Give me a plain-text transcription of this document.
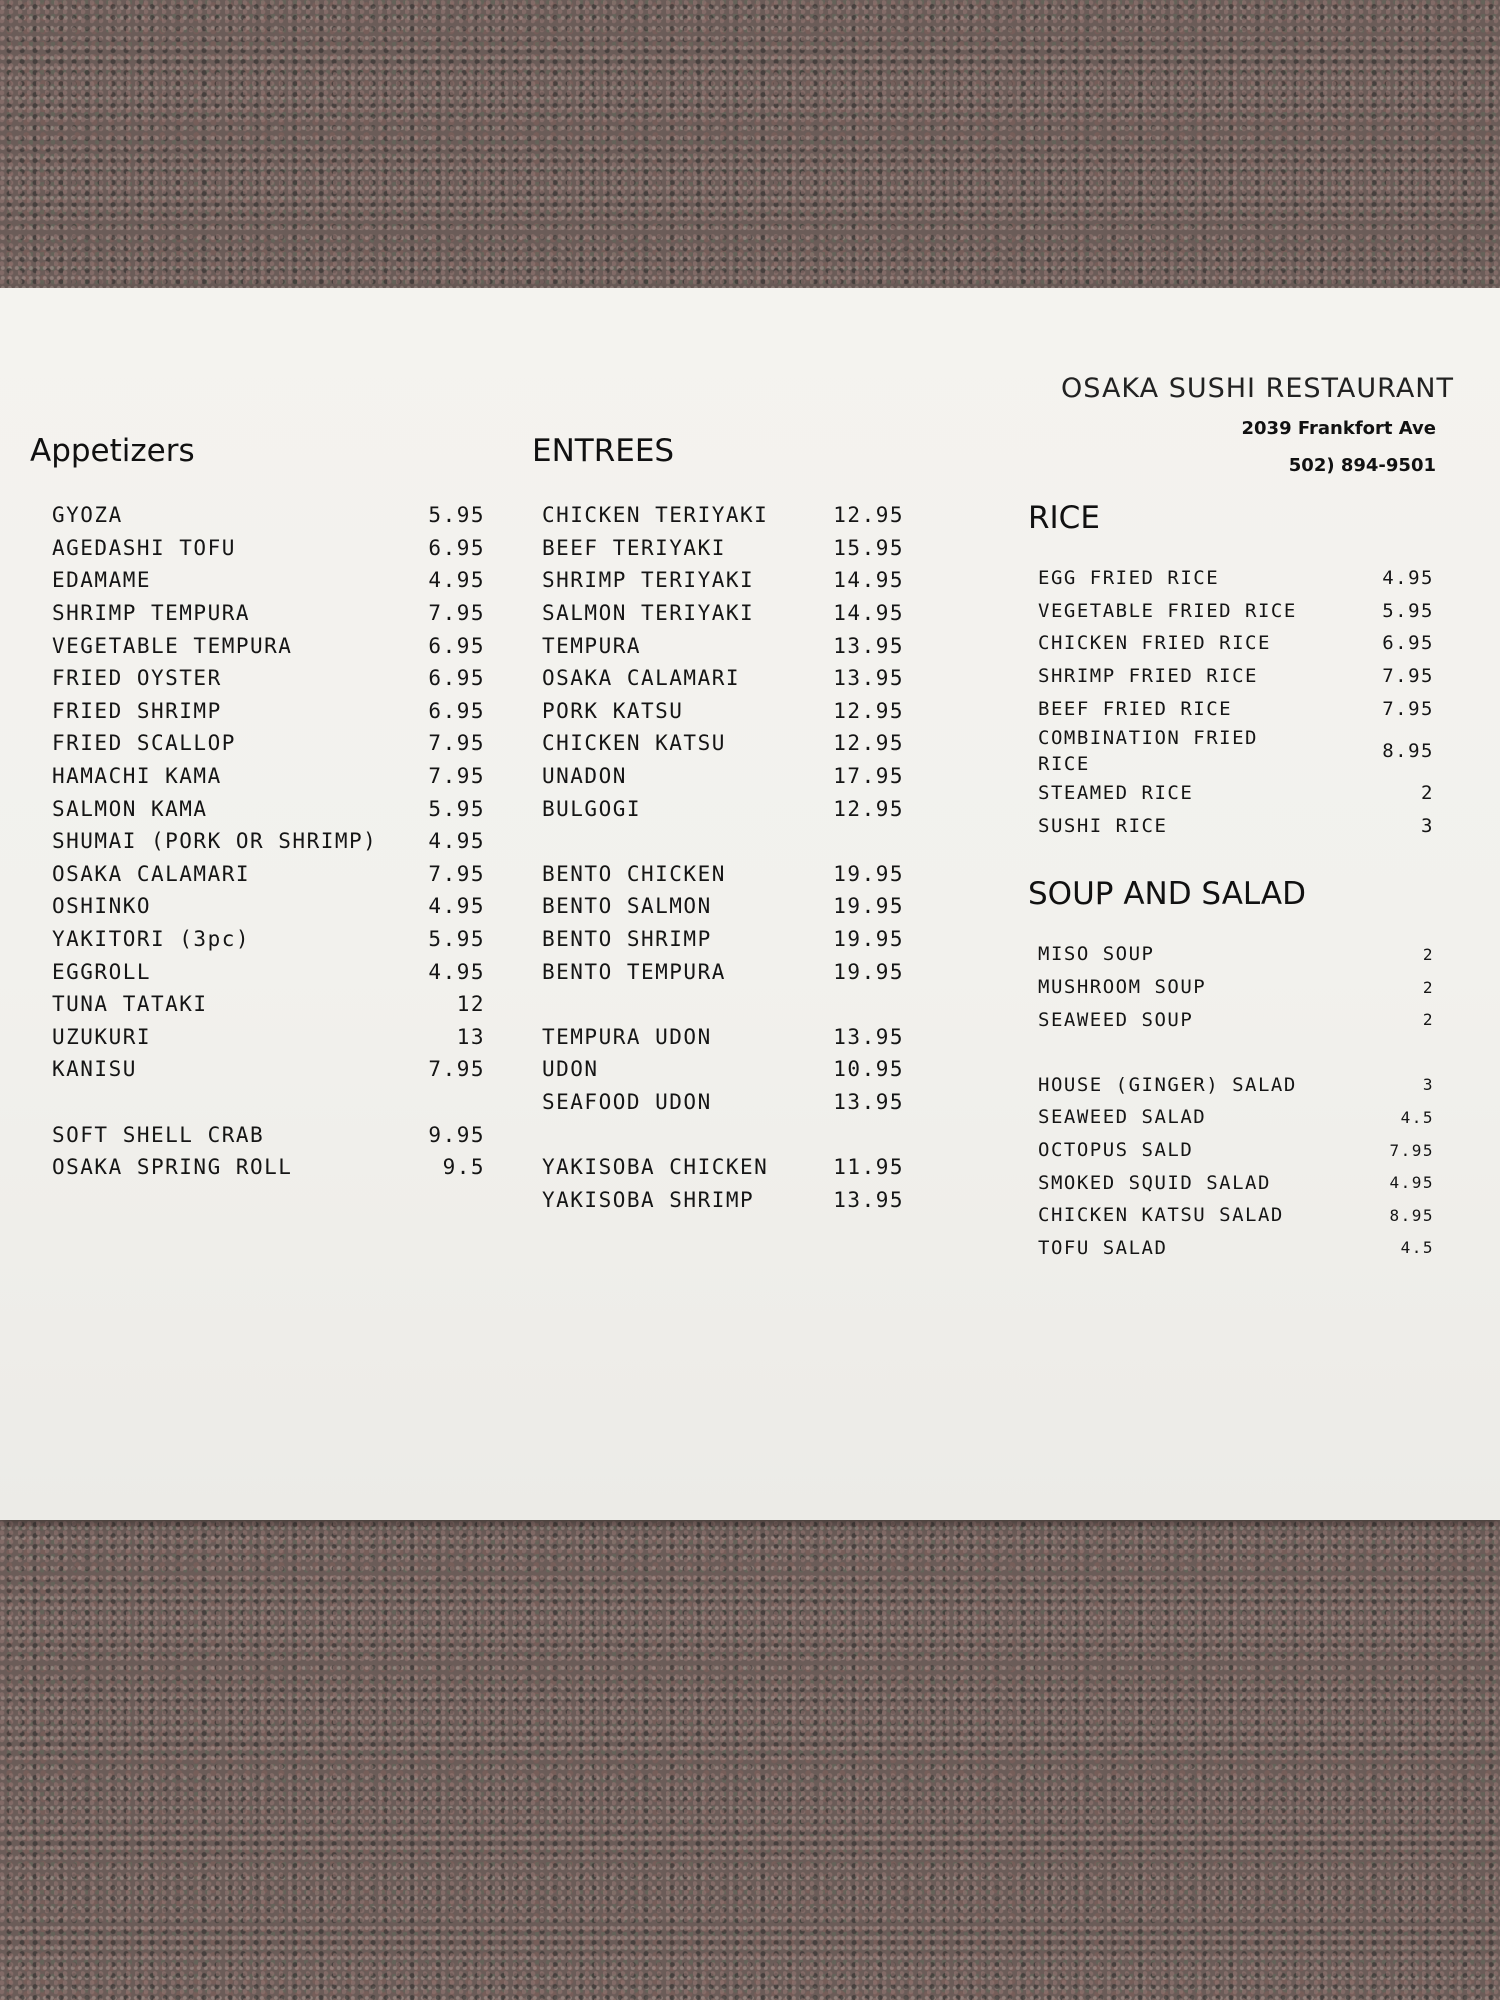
OSAKA SUSHI RESTAURANT
2039 Frankfort Ave
502) 894-9501
Appetizers
GYOZA	5.95
AGEDASHI TOFU	6.95
EDAMAME	4.95
SHRIMP TEMPURA	7.95
VEGETABLE TEMPURA	6.95
FRIED OYSTER	6.95
FRIED SHRIMP	6.95
FRIED SCALLOP	7.95
HAMACHI KAMA	7.95
SALMON KAMA	5.95
SHUMAI (PORK OR SHRIMP) 4.95
OSAKA CALAMARI	7.95
OSHINKO	4.95
YAKITORI (3pc)	5.95
EGGROLL	4.95
TUNA TATAKI	12
UZUKURI	13
KANISU	7.95
SOFT SHELL CRAB	9.95
OSAKA SPRING ROLL	9.5
ENTREES
CHICKEN TERIYAKI	12.95
BEEF TERIYAKI	15.95
SHRIMP TERIYAKI	14.95
SALMON TERIYAKI	14.95
TEMPURA	13.95
OSAKA CALAMARI	13.95
PORK KATSU	12.95
CHICKEN KATSU	12.95
UNADON	17.95
BULGOGI	12.95
BENTO CHICKEN	19.95
BENTO SALMON	19.95
BENTO SHRIMP	19.95
BENTO TEMPURA	19.95
TEMPURA UDON	13.95
UDON	10.95
SEAFOOD UDON	13.95
YAKISOBA CHICKEN	11.95
YAKISOBA SHRIMP	13.95
RICE
EGG FRIED RICE	4.95
VEGETABLE FRIED RICE	5.95
CHICKEN FRIED RICE	6.95
SHRIMP FRIED RICE	7.95
BEEF FRIED RICE	7.95
COMBINATION FRIED RICE
8.95
STEAMED RICE	2
SUSHI RICE	3
SOUP AND SALAD
MISO SOUP	2
MUSHROOM SOUP	2
SEAWEED SOUP	2
HOUSE (GINGER) SALAD	3
SEAWEED SALAD	4.5
OCTOPUS SALD	7.95
SMOKED SQUID SALAD	4.95
CHICKEN KATSU SALAD	8.95
TOFU SALAD	4.5
